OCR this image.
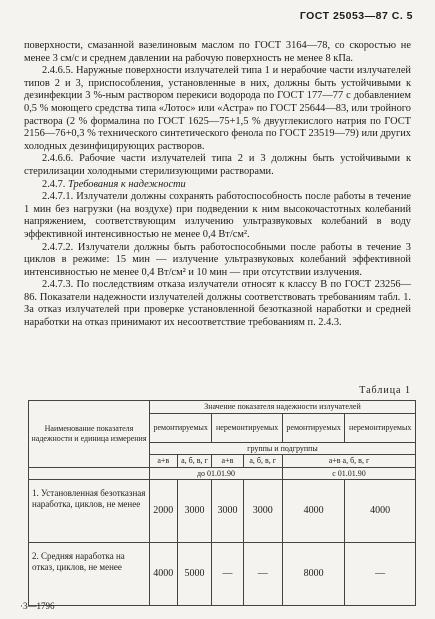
ГОСТ 25053—87 С. 5

поверхности, смазанной вазелиновым маслом по ГОСТ 3164—78, со скоростью не менее 3 см/с и среднем давлении на рабочую поверхность не менее 8 кПа.

2.4.6.5. Наружные поверхности излучателей типа 1 и нерабочие части излучателей типов 2 и 3, приспособления, установленные в них, должны быть устойчивыми к дезинфекции 3 %-ным раствором перекиси водорода по ГОСТ 177—77 с добавлением 0,5 % моющего средства типа «Лотос» или «Астра» по ГОСТ 25644—83, или тройного раствора (2 % формалина по ГОСТ 1625—75+1,5 % двууглекислого натрия по ГОСТ 2156—76+0,3 % технического синтетического фенола по ГОСТ 23519—79) или других холодных дезинфицирующих растворов.

2.4.6.6. Рабочие части излучателей типа 2 и 3 должны быть устойчивыми к стерилизации холодными стерилизующими растворами.

2.4.7. Требования к надежности

2.4.7.1. Излучатели должны сохранять работоспособность после работы в течение 1 мин без нагрузки (на воздухе) при подведении к ним высокочастотных колебаний напряжением, соответствующим излучению ультразвуковых колебаний в воду эффективной интенсивностью не менее 0,4 Вт/см².

2.4.7.2. Излучатели должны быть работоспособными после работы в течение 3 циклов в режиме: 15 мин — излучение ультразвуковых колебаний эффективной интенсивностью не менее 0,4 Вт/см² и 10 мин — при отсутствии излучения.

2.4.7.3. По последствиям отказа излучатели относят к классу В по ГОСТ 23256—86. Показатели надежности излучателей должны соответствовать требованиям табл. 1. За отказ излучателей при проверке установленной безотказной наработки и средней наработки на отказ принимают их несоответствие требованиям п. 2.4.3.

Таблица 1
Наименование показателя надежности и единица измерения	Значение показателя надежности излучателей					
	ремонтируемых		неремонтируемых		ремонтируемых	неремонтируемых
	группы и подгруппы					
	а+в	а, б, в, г	а+в	а, б, в, г	а+в а, б, в, г	
	до 01.01.90				с 01.01.90	
1. Установленная безотказная наработка, циклов, не менее	2000	3000	3000	3000	4000	4000
2. Средняя наработка на отказ, циклов, не менее	4000	5000	—	—	8000	—
·3—1796
